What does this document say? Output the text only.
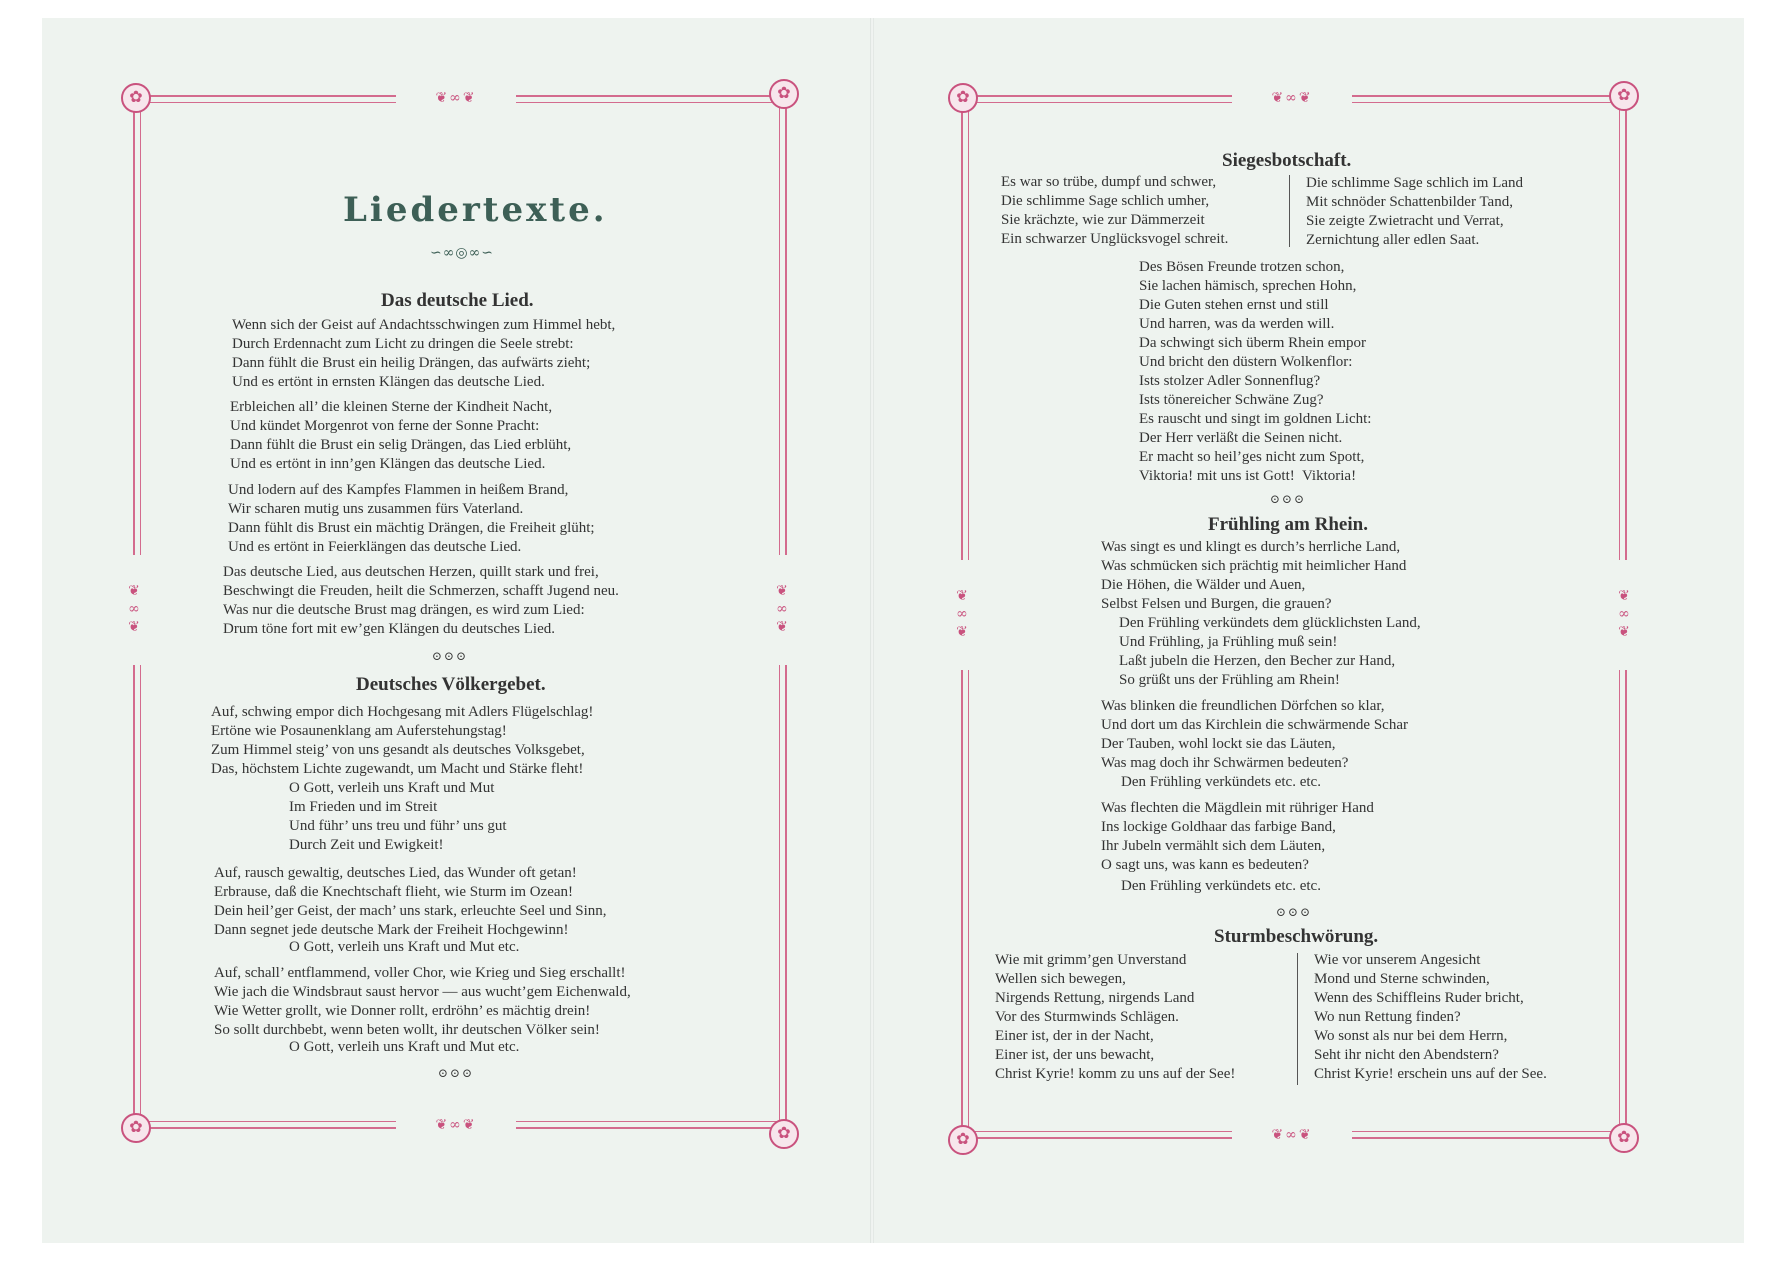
✿	✿
✿	✿
❦∞❦
❦∞❦
❦∞❦	❦∞❦
✿	✿
✿	✿
❦∞❦
❦∞❦
❦∞❦	❦∞❦
Liedertexte.
∽∞◎∞∽
Das deutsche Lied.
Wenn sich der Geist auf Andachtsschwingen zum Himmel hebt,
Durch Erdennacht zum Licht zu dringen die Seele strebt:
Dann fühlt die Brust ein heilig Drängen, das aufwärts zieht;
Und es ertönt in ernsten Klängen das deutsche Lied.
Erbleichen all’ die kleinen Sterne der Kindheit Nacht,
Und kündet Morgenrot von ferne der Sonne Pracht:
Dann fühlt die Brust ein selig Drängen, das Lied erblüht,
Und es ertönt in inn’gen Klängen das deutsche Lied.
Und lodern auf des Kampfes Flammen in heißem Brand,
Wir scharen mutig uns zusammen fürs Vaterland.
Dann fühlt dis Brust ein mächtig Drängen, die Freiheit glüht;
Und es ertönt in Feierklängen das deutsche Lied.
Das deutsche Lied, aus deutschen Herzen, quillt stark und frei,
Beschwingt die Freuden, heilt die Schmerzen, schafft Jugend neu.
Was nur die deutsche Brust mag drängen, es wird zum Lied:
Drum töne fort mit ew’gen Klängen du deutsches Lied.
⊙⊙⊙
Deutsches Völkergebet.
Auf, schwing empor dich Hochgesang mit Adlers Flügelschlag!
Ertöne wie Posaunenklang am Auferstehungstag!
Zum Himmel steig’ von uns gesandt als deutsches Volksgebet,
Das, höchstem Lichte zugewandt, um Macht und Stärke fleht!
O Gott, verleih uns Kraft und Mut
Im Frieden und im Streit
Und führ’ uns treu und führ’ uns gut
Durch Zeit und Ewigkeit!
Auf, rausch gewaltig, deutsches Lied, das Wunder oft getan!
Erbrause, daß die Knechtschaft flieht, wie Sturm im Ozean!
Dein heil’ger Geist, der mach’ uns stark, erleuchte Seel und Sinn,
Dann segnet jede deutsche Mark der Freiheit Hochgewinn!
O Gott, verleih uns Kraft und Mut etc.
Auf, schall’ entflammend, voller Chor, wie Krieg und Sieg erschallt!
Wie jach die Windsbraut saust hervor — aus wucht’gem Eichenwald,
Wie Wetter grollt, wie Donner rollt, erdröhn’ es mächtig drein!
So sollt durchbebt, wenn beten wollt, ihr deutschen Völker sein!
O Gott, verleih uns Kraft und Mut etc.
⊙⊙⊙
Siegesbotschaft.
Es war so trübe, dumpf und schwer,
Die schlimme Sage schlich umher,
Sie krächzte, wie zur Dämmerzeit
Ein schwarzer Unglücksvogel schreit.
Die schlimme Sage schlich im Land
Mit schnöder Schattenbilder Tand,
Sie zeigte Zwietracht und Verrat,
Zernichtung aller edlen Saat.
Des Bösen Freunde trotzen schon,
Sie lachen hämisch, sprechen Hohn,
Die Guten stehen ernst und still
Und harren, was da werden will.
Da schwingt sich überm Rhein empor
Und bricht den düstern Wolkenflor:
Ists stolzer Adler Sonnenflug?
Ists tönereicher Schwäne Zug?
Es rauscht und singt im goldnen Licht:
Der Herr verläßt die Seinen nicht.
Er macht so heil’ges nicht zum Spott,
Viktoria! mit uns ist Gott!  Viktoria!
⊙⊙⊙
Frühling am Rhein.
Was singt es und klingt es durch’s herrliche Land,
Was schmücken sich prächtig mit heimlicher Hand
Die Höhen, die Wälder und Auen,
Selbst Felsen und Burgen, die grauen?
Den Frühling verkündets dem glücklichsten Land,
Und Frühling, ja Frühling muß sein!
Laßt jubeln die Herzen, den Becher zur Hand,
So grüßt uns der Frühling am Rhein!
Was blinken die freundlichen Dörfchen so klar,
Und dort um das Kirchlein die schwärmende Schar
Der Tauben, wohl lockt sie das Läuten,
Was mag doch ihr Schwärmen bedeuten?
Den Frühling verkündets etc. etc.
Was flechten die Mägdlein mit rühriger Hand
Ins lockige Goldhaar das farbige Band,
Ihr Jubeln vermählt sich dem Läuten,
O sagt uns, was kann es bedeuten?
Den Frühling verkündets etc. etc.
⊙⊙⊙
Sturmbeschwörung.
Wie mit grimm’gen Unverstand
Wellen sich bewegen,
Nirgends Rettung, nirgends Land
Vor des Sturmwinds Schlägen.
Einer ist, der in der Nacht,
Einer ist, der uns bewacht,
Christ Kyrie! komm zu uns auf der See!
Wie vor unserem Angesicht
Mond und Sterne schwinden,
Wenn des Schiffleins Ruder bricht,
Wo nun Rettung finden?
Wo sonst als nur bei dem Herrn,
Seht ihr nicht den Abendstern?
Christ Kyrie! erschein uns auf der See.
